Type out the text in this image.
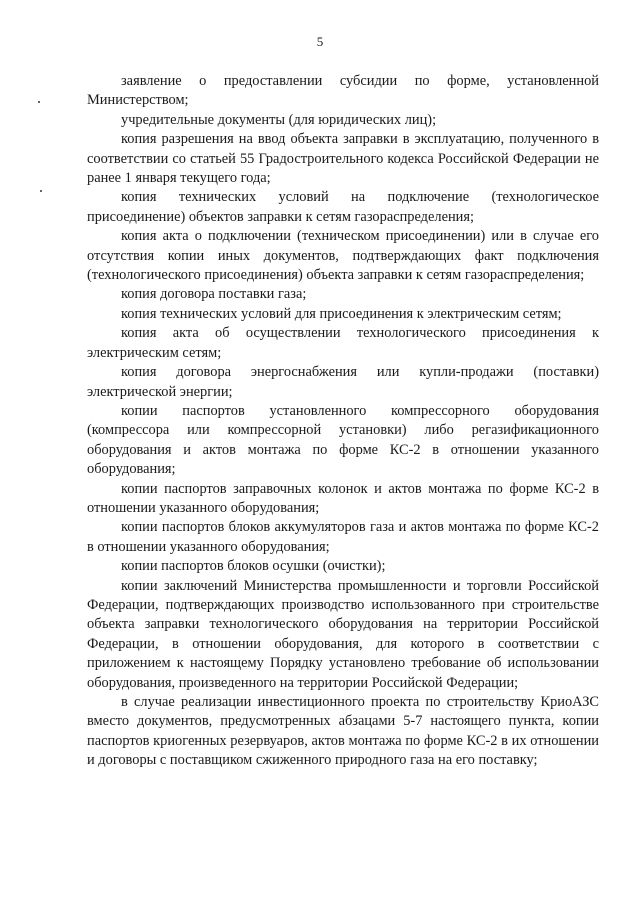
5

заявление о предоставлении субсидии по форме, установленной Министерством;

учредительные документы (для юридических лиц);

копия разрешения на ввод объекта заправки в эксплуатацию, полученного в соответствии со статьей 55 Градостроительного кодекса Российской Федерации не ранее 1 января текущего года;

копия технических условий на подключение (технологическое присоединение) объектов заправки к сетям газораспределения;

копия акта о подключении (техническом присоединении) или в случае его отсутствия копии иных документов, подтверждающих факт подключения (технологического присоединения) объекта заправки к сетям газораспределения;

копия договора поставки газа;

копия технических условий для присоединения к электрическим сетям;

копия акта об осуществлении технологического присоединения к электрическим сетям;

копия договора энергоснабжения или купли-продажи (поставки) электрической энергии;

копии паспортов установленного компрессорного оборудования (компрессора или компрессорной установки) либо регазификационного оборудования и актов монтажа по форме КС-2 в отношении указанного оборудования;

копии паспортов заправочных колонок и актов монтажа по форме КС-2 в отношении указанного оборудования;

копии паспортов блоков аккумуляторов газа и актов монтажа по форме КС-2 в отношении указанного оборудования;

копии паспортов блоков осушки (очистки);

копии заключений Министерства промышленности и торговли Российской Федерации, подтверждающих производство использованного при строительстве объекта заправки технологического оборудования на территории Российской Федерации, в отношении оборудования, для которого в соответствии с приложением к настоящему Порядку установлено требование об использовании оборудования, произведенного на территории Российской Федерации;

в случае реализации инвестиционного проекта по строительству КриоАЗС вместо документов, предусмотренных абзацами 5-7 настоящего пункта, копии паспортов криогенных резервуаров, актов монтажа по форме КС-2 в их отношении и договоры с поставщиком сжиженного природного газа на его поставку;
